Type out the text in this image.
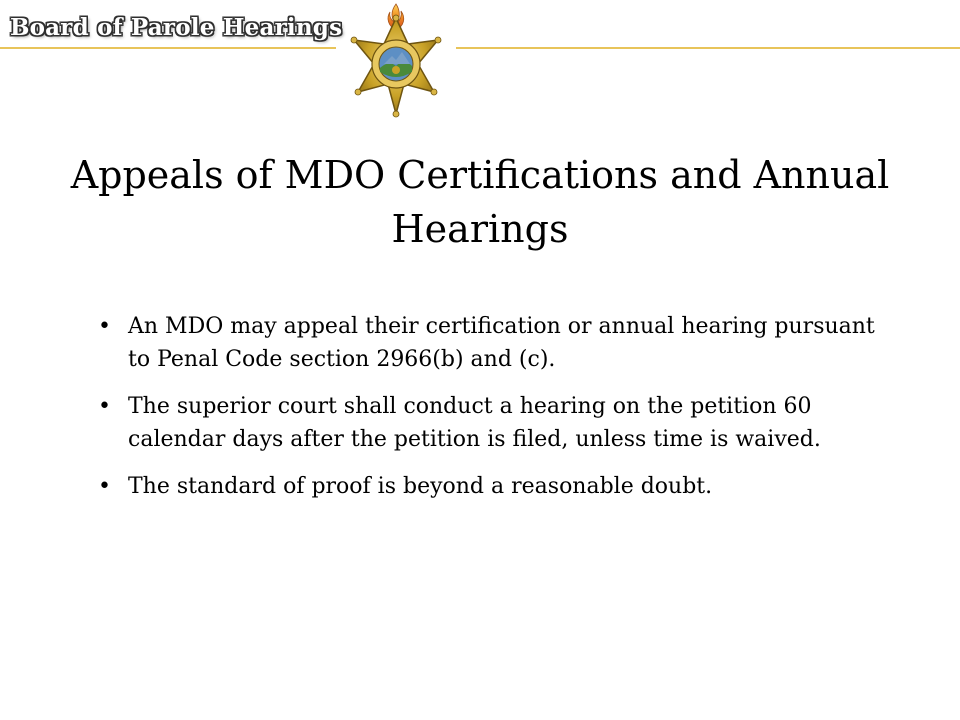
Board of Parole Hearings
Appeals of MDO Certifications and Annual Hearings
• An MDO may appeal their certification or annual hearing pursuant to Penal Code section 2966(b) and (c).
• The superior court shall conduct a hearing on the petition 60 calendar days after the petition is filed, unless time is waived.
• The standard of proof is beyond a reasonable doubt.
